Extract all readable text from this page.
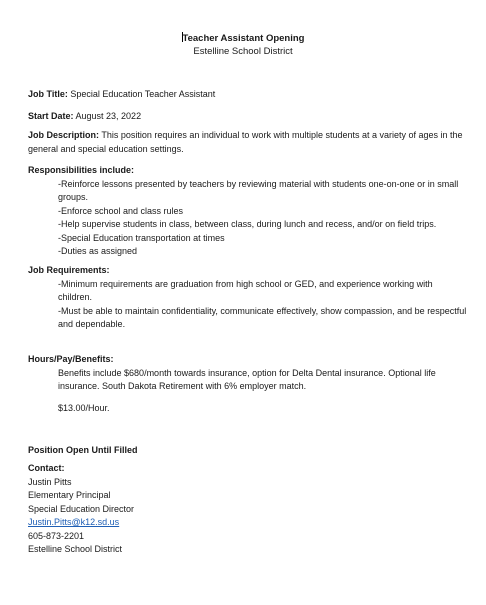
Teacher Assistant Opening
Estelline School District
Job Title: Special Education Teacher Assistant
Start Date: August 23, 2022
Job Description: This position requires an individual to work with multiple students at a variety of ages in the general and special education settings.
Responsibilities include:
-Reinforce lessons presented by teachers by reviewing material with students one-on-one or in small groups.
-Enforce school and class rules
-Help supervise students in class, between class, during lunch and recess, and/or on field trips.
-Special Education transportation at times
-Duties as assigned
Job Requirements:
-Minimum requirements are graduation from high school or GED, and experience working with children.
-Must be able to maintain confidentiality, communicate effectively, show compassion, and be respectful and dependable.
Hours/Pay/Benefits:
Benefits include $680/month towards insurance, option for Delta Dental insurance. Optional life insurance. South Dakota Retirement with 6% employer match.
$13.00/Hour.
Position Open Until Filled
Contact:
Justin Pitts
Elementary Principal
Special Education Director
Justin.Pitts@k12.sd.us
605-873-2201
Estelline School District
